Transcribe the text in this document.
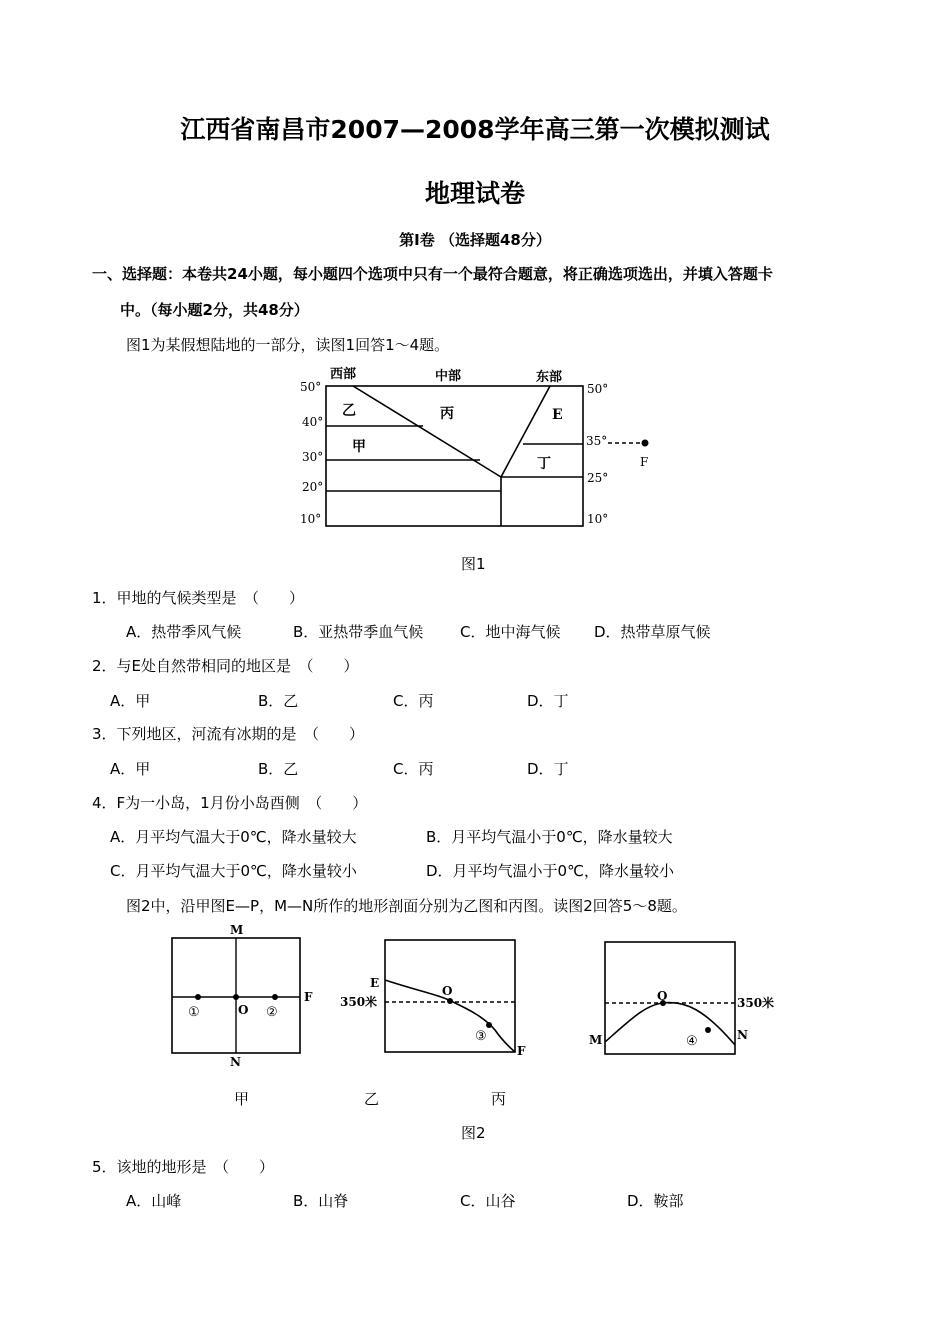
江西省南昌市2007—2008学年高三第一次模拟测试
地理试卷
第Ⅰ卷 （选择题48分）
一、选择题：本卷共24小题，每小题四个选项中只有一个最符合题意，将正确选项选出，并填入答题卡
中。（每小题2分，共48分）
图1为某假想陆地的一部分，读图1回答1～4题。
西部	中部	东部
50°
40°
30°
20°
10°
50°
35°
25°
10°
乙	丙	E
甲
丁	F
图1
1．甲地的气候类型是　（　　）
A．热带季风气候	B．亚热带季血气候 C．地中海气候 D．热带草原气候
2．与E处自然带相同的地区是　（　　）
A．甲	B．乙	C．丙	D．丁
3．下列地区，河流有冰期的是　（　　）
A．甲	B．乙	C．丙	D．丁
4．F为一小岛，1月份小岛酉侧　（　　）
A．月平均气温大于0℃，降水量较大	B．月平均气温小于0℃，降水量较大
C．月平均气温大于0℃，降水量较小	D．月平均气温小于0℃，降水量较小
图2中，沿甲图E—P，M—N所作的地形剖面分别为乙图和丙图。读图2回答5～8题。
M
N
O
F
①	②
E
350米
O
F
③	M	N
O	350米
④
甲	乙	丙
图2
5．该地的地形是　（　　）
A．山峰	B．山脊	C．山谷	D．鞍部
